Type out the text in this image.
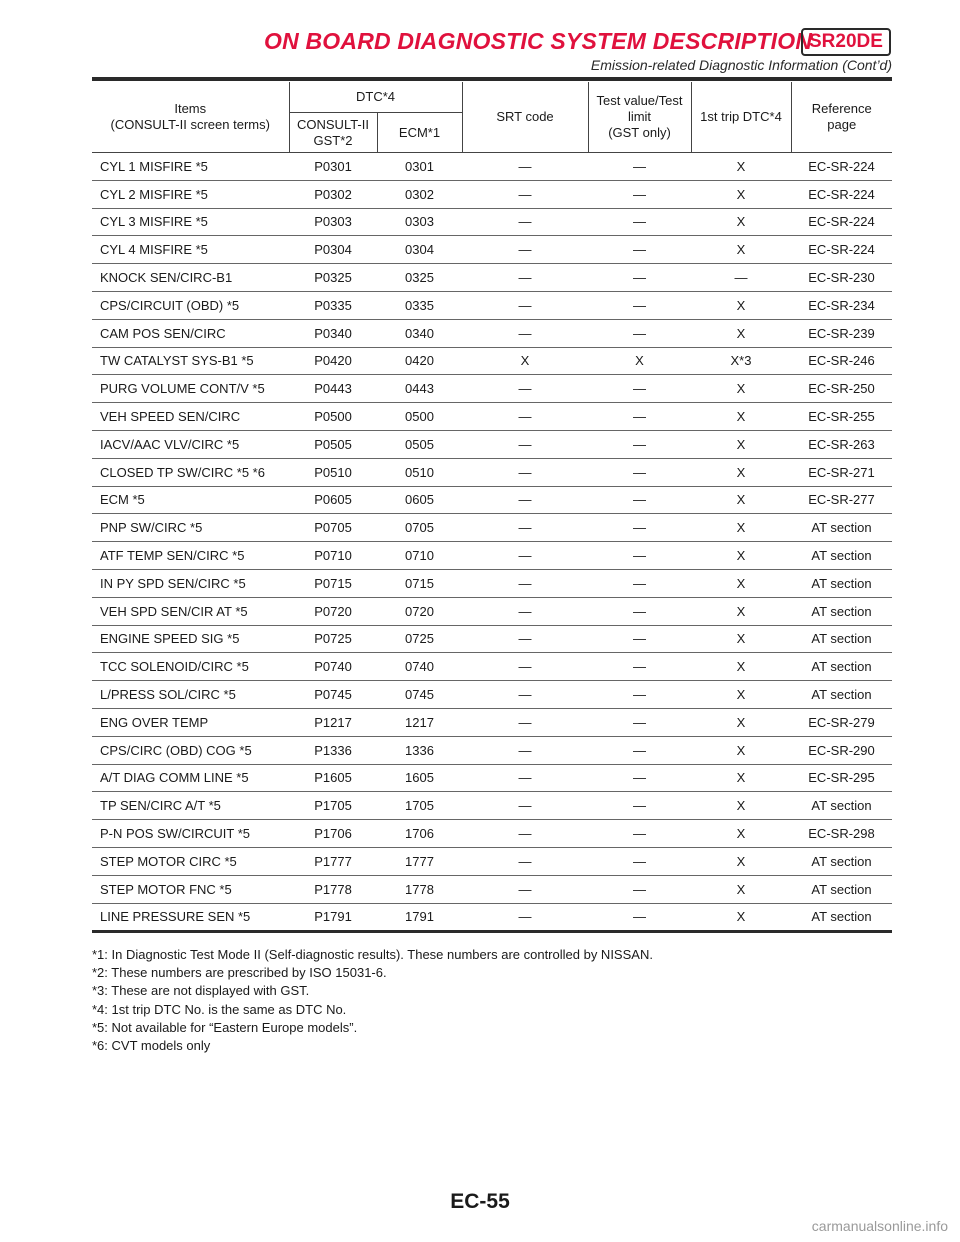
ON BOARD DIAGNOSTIC SYSTEM DESCRIPTION
SR20DE
Emission-related Diagnostic Information (Cont’d)
Items
(CONSULT-II screen terms)	DTC*4		SRT code	Test value/Test
limit
(GST only)	1st trip DTC*4	Reference
page
	CONSULT-II
GST*2	ECM*1				
CYL 1 MISFIRE *5	P0301	0301	—	—	X	EC-SR-224
CYL 2 MISFIRE *5	P0302	0302	—	—	X	EC-SR-224
CYL 3 MISFIRE *5	P0303	0303	—	—	X	EC-SR-224
CYL 4 MISFIRE *5	P0304	0304	—	—	X	EC-SR-224
KNOCK SEN/CIRC-B1	P0325	0325	—	—	—	EC-SR-230
CPS/CIRCUIT (OBD) *5	P0335	0335	—	—	X	EC-SR-234
CAM POS SEN/CIRC	P0340	0340	—	—	X	EC-SR-239
TW CATALYST SYS-B1 *5	P0420	0420	X	X	X*3	EC-SR-246
PURG VOLUME CONT/V *5	P0443	0443	—	—	X	EC-SR-250
VEH SPEED SEN/CIRC	P0500	0500	—	—	X	EC-SR-255
IACV/AAC VLV/CIRC *5	P0505	0505	—	—	X	EC-SR-263
CLOSED TP SW/CIRC *5 *6	P0510	0510	—	—	X	EC-SR-271
ECM *5	P0605	0605	—	—	X	EC-SR-277
PNP SW/CIRC *5	P0705	0705	—	—	X	AT section
ATF TEMP SEN/CIRC *5	P0710	0710	—	—	X	AT section
IN PY SPD SEN/CIRC *5	P0715	0715	—	—	X	AT section
VEH SPD SEN/CIR AT *5	P0720	0720	—	—	X	AT section
ENGINE SPEED SIG *5	P0725	0725	—	—	X	AT section
TCC SOLENOID/CIRC *5	P0740	0740	—	—	X	AT section
L/PRESS SOL/CIRC *5	P0745	0745	—	—	X	AT section
ENG OVER TEMP	P1217	1217	—	—	X	EC-SR-279
CPS/CIRC (OBD) COG *5	P1336	1336	—	—	X	EC-SR-290
A/T DIAG COMM LINE *5	P1605	1605	—	—	X	EC-SR-295
TP SEN/CIRC A/T *5	P1705	1705	—	—	X	AT section
P-N POS SW/CIRCUIT *5	P1706	1706	—	—	X	EC-SR-298
STEP MOTOR CIRC *5	P1777	1777	—	—	X	AT section
STEP MOTOR FNC *5	P1778	1778	—	—	X	AT section
LINE PRESSURE SEN *5	P1791	1791	—	—	X	AT section
*1: In Diagnostic Test Mode II (Self-diagnostic results). These numbers are controlled by NISSAN.
*2: These numbers are prescribed by ISO 15031-6.
*3: These are not displayed with GST.
*4: 1st trip DTC No. is the same as DTC No.
*5: Not available for “Eastern Europe models”.
*6: CVT models only
EC-55
carmanualsonline.info
